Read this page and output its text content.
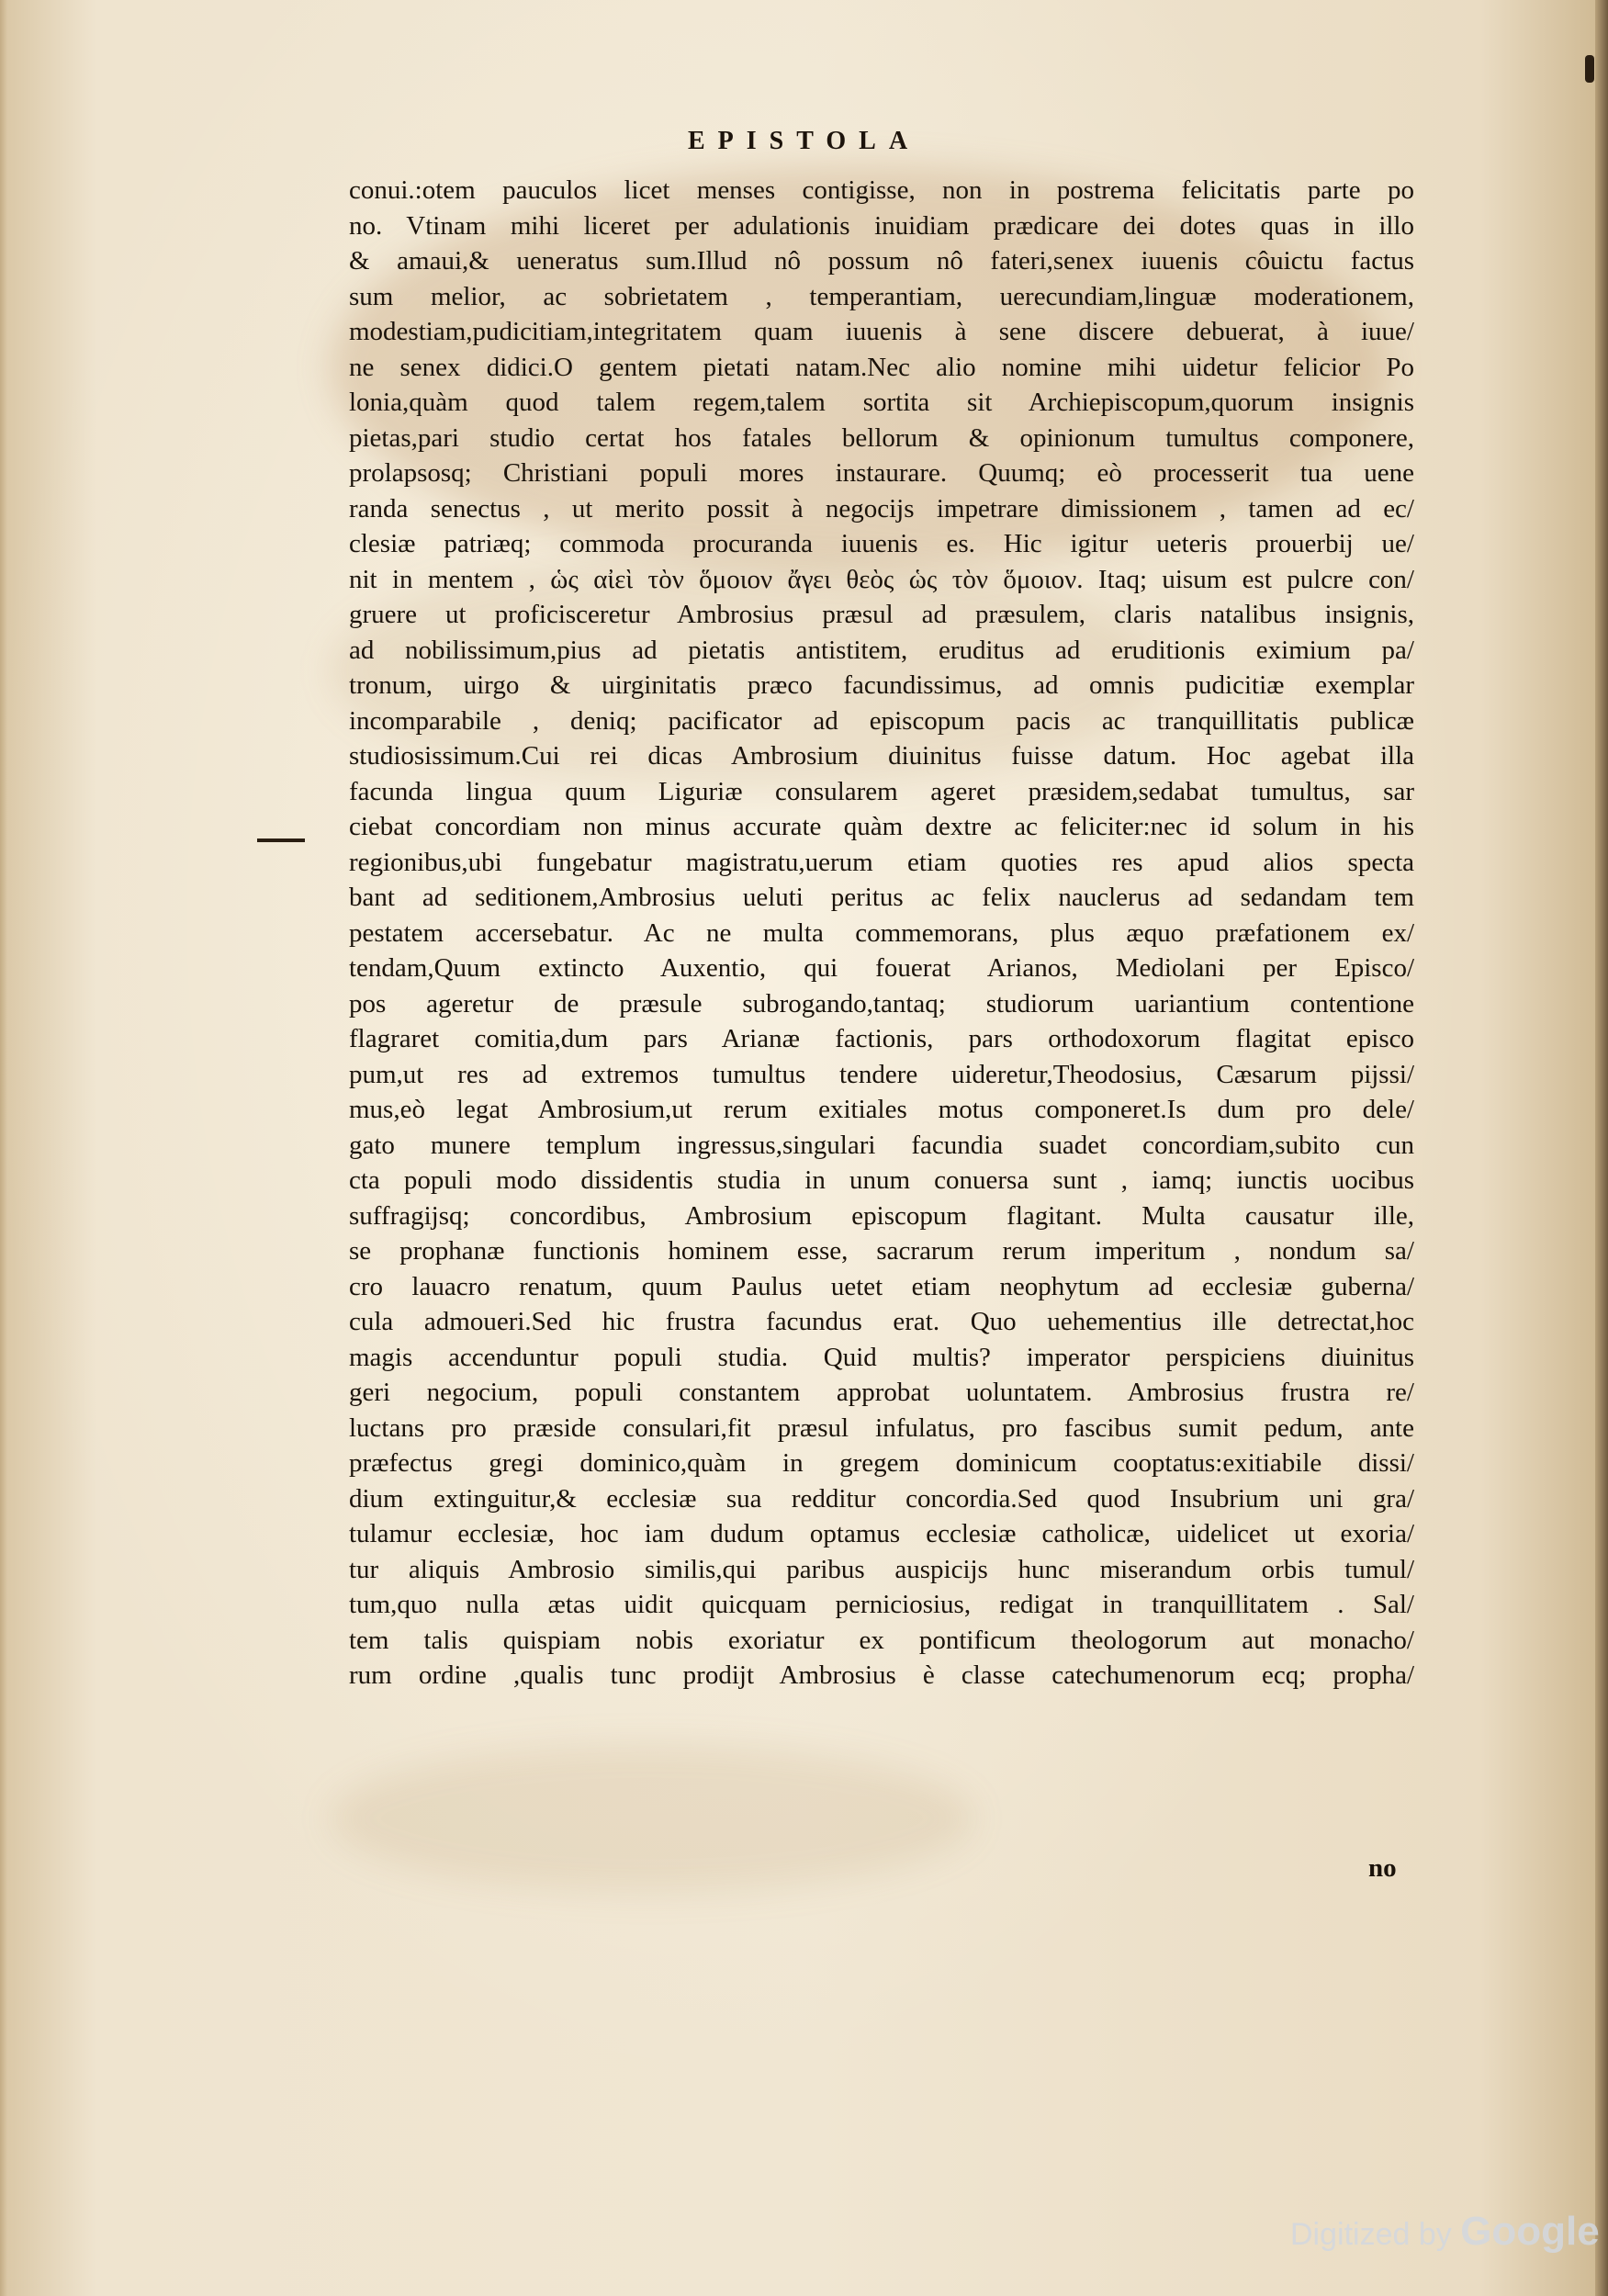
EPISTOLA
conui.:otem pauculos licet menses contigisse, non in postrema felicitatis parte po
no. Vtinam mihi liceret per adulationis inuidiam prædicare dei dotes quas in illo
& amaui,& ueneratus sum.Illud nô possum nô fateri,senex iuuenis côuictu factus
sum melior, ac sobrietatem , temperantiam, uerecundiam,linguæ moderationem,
modestiam,pudicitiam,integritatem quam iuuenis à sene discere debuerat, à iuue/
ne senex didici.O gentem pietati natam.Nec alio nomine mihi uidetur felicior Po
lonia,quàm quod talem regem,talem sortita sit Archiepiscopum,quorum insignis
pietas,pari studio certat hos fatales bellorum & opinionum tumultus componere,
prolapsosq; Christiani populi mores instaurare. Quumq; eò processerit tua uene
randa senectus , ut merito possit à negocijs impetrare dimissionem , tamen ad ec/
clesiæ patriæq; commoda procuranda iuuenis es. Hic igitur ueteris prouerbij ue/
nit in mentem , ὡς αἰεὶ τὸν ὅμοιον ἄγει θεὸς ὡς τὸν ὅμοιον. Itaq; uisum est pulcre con/
gruere ut proficisceretur Ambrosius præsul ad præsulem, claris natalibus insignis,
ad nobilissimum,pius ad pietatis antistitem, eruditus ad eruditionis eximium pa/
tronum, uirgo & uirginitatis præco facundissimus, ad omnis pudicitiæ exemplar
incomparabile , deniq; pacificator ad episcopum pacis ac tranquillitatis publicæ
studiosissimum.Cui rei dicas Ambrosium diuinitus fuisse datum. Hoc agebat illa
facunda lingua quum Liguriæ consularem ageret præsidem,sedabat tumultus, sar
ciebat concordiam non minus accurate quàm dextre ac feliciter:nec id solum in his
regionibus,ubi fungebatur magistratu,uerum etiam quoties res apud alios specta
bant ad seditionem,Ambrosius ueluti peritus ac felix nauclerus ad sedandam tem
pestatem accersebatur. Ac ne multa commemorans, plus æquo præfationem ex/
tendam,Quum extincto Auxentio, qui fouerat Arianos, Mediolani per Episco/
pos ageretur de præsule subrogando,tantaq; studiorum uariantium contentione
flagraret comitia,dum pars Arianæ factionis, pars orthodoxorum flagitat episco
pum,ut res ad extremos tumultus tendere uideretur,Theodosius, Cæsarum pijssi/
mus,eò legat Ambrosium,ut rerum exitiales motus componeret.Is dum pro dele/
gato munere templum ingressus,singulari facundia suadet concordiam,subito cun
cta populi modo dissidentis studia in unum conuersa sunt , iamq; iunctis uocibus
suffragijsq; concordibus, Ambrosium episcopum flagitant. Multa causatur ille,
se prophanæ functionis hominem esse, sacrarum rerum imperitum , nondum sa/
cro lauacro renatum, quum Paulus uetet etiam neophytum ad ecclesiæ guberna/
cula admoueri.Sed hic frustra facundus erat. Quo uehementius ille detrectat,hoc
magis accenduntur populi studia. Quid multis? imperator perspiciens diuinitus
geri negocium, populi constantem approbat uoluntatem. Ambrosius frustra re/
luctans pro præside consulari,fit præsul infulatus, pro fascibus sumit pedum, ante
præfectus gregi dominico,quàm in gregem dominicum cooptatus:exitiabile dissi/
dium extinguitur,& ecclesiæ sua redditur concordia.Sed quod Insubrium uni gra/
tulamur ecclesiæ, hoc iam dudum optamus ecclesiæ catholicæ, uidelicet ut exoria/
tur aliquis Ambrosio similis,qui paribus auspicijs hunc miserandum orbis tumul/
tum,quo nulla ætas uidit quicquam perniciosius, redigat in tranquillitatem . Sal/
tem talis quispiam nobis exoriatur ex pontificum theologorum aut monacho/
rum ordine ,qualis tunc prodijt Ambrosius è classe catechumenorum ecq; propha/
no
Digitized by Google
